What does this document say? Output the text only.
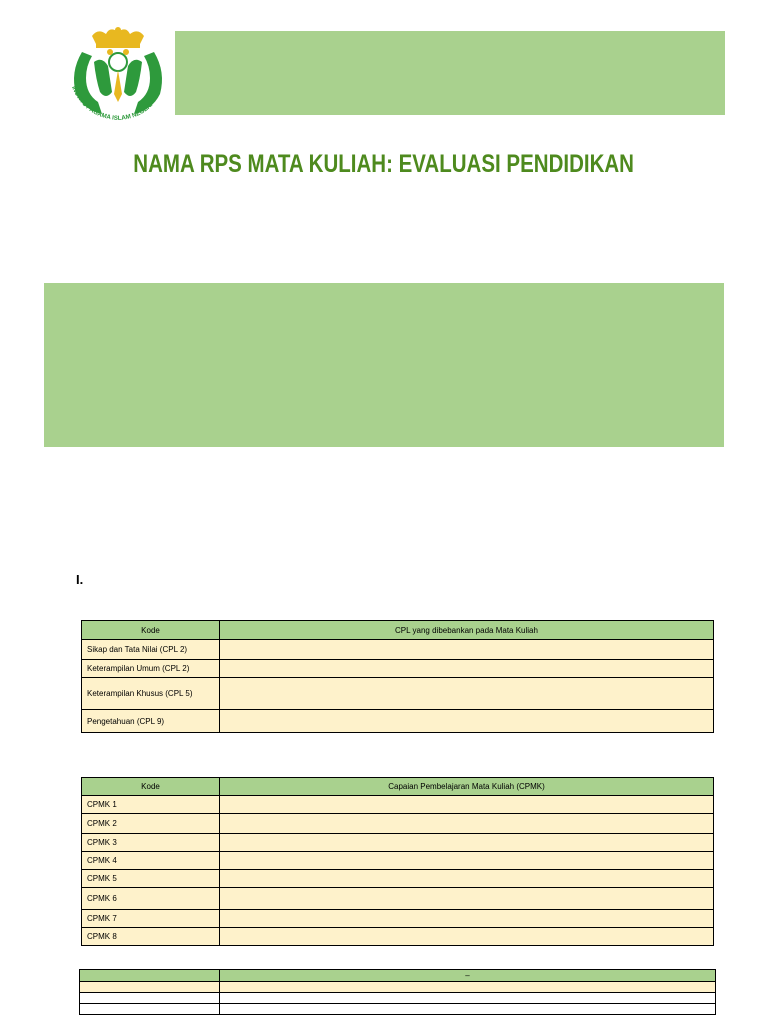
INSTITUT AGAMA ISLAM NEGERI
NAMA RPS MATA KULIAH: EVALUASI PENDIDIKAN
I.
Kode	CPL yang dibebankan pada Mata Kuliah
Sikap dan Tata Nilai (CPL 2)	
Keterampilan Umum (CPL 2)	
Keterampilan Khusus (CPL 5)	
Pengetahuan (CPL 9)	
Kode	Capaian Pembelajaran Mata Kuliah (CPMK)
CPMK 1	
CPMK 2	
CPMK 3	
CPMK 4	
CPMK 5	
CPMK 6	
CPMK 7	
CPMK 8	
	–
